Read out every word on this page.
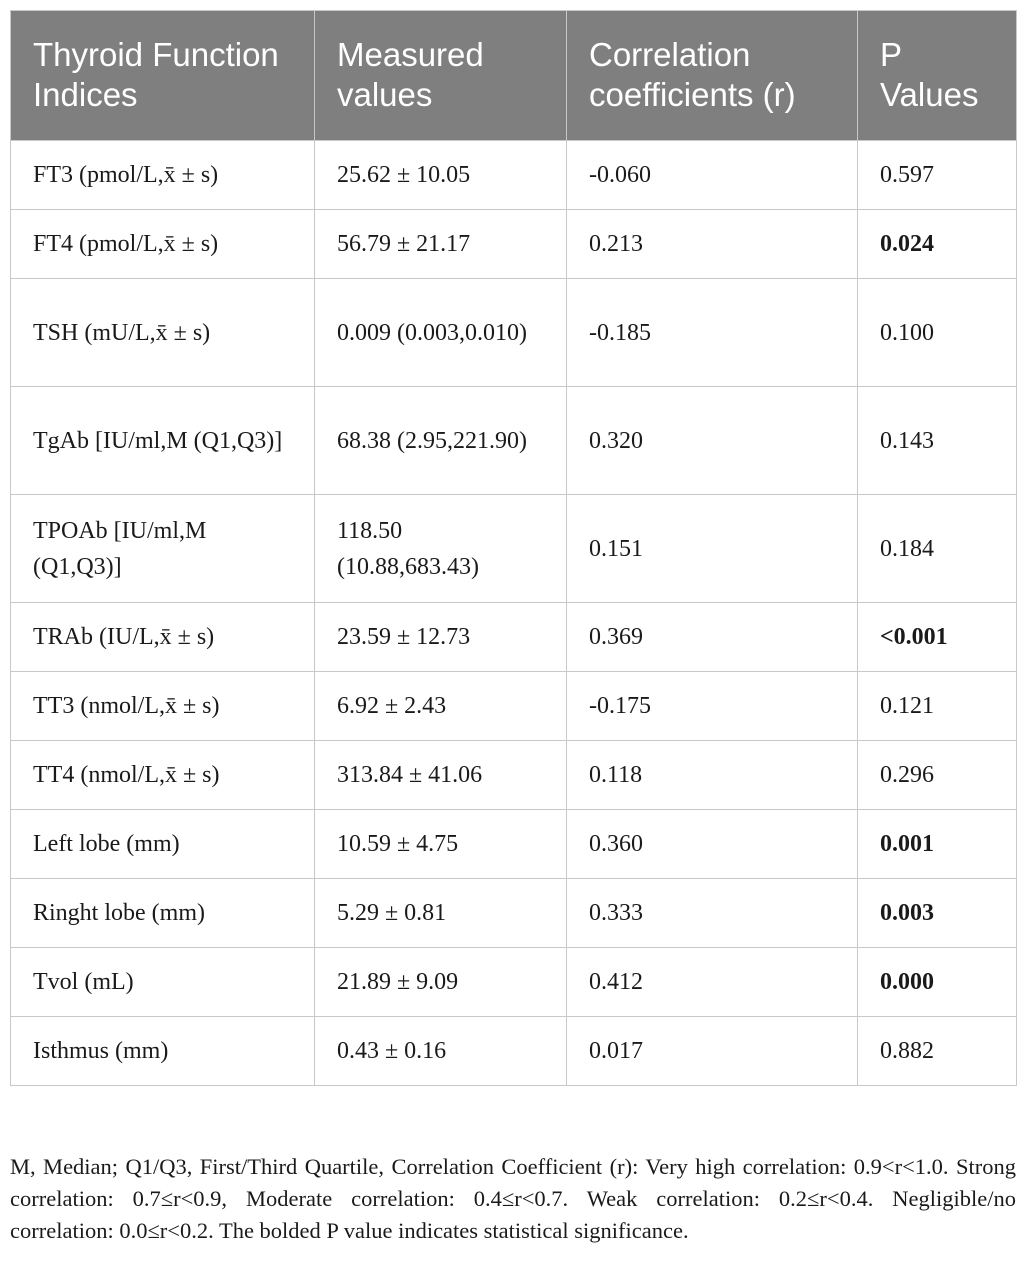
Thyroid Function Indices	Measured values	Correlation coefficients (r)	P Values
FT3 (pmol/L,x̄ ± s)	25.62 ± 10.05	-0.060	0.597
FT4 (pmol/L,x̄ ± s)	56.79 ± 21.17	0.213	0.024
TSH (mU/L,x̄ ± s)	0.009 (0.003,0.010)	-0.185	0.100
TgAb [IU/ml,M (Q1,Q3)]	68.38 (2.95,221.90)	0.320	0.143
TPOAb [IU/ml,M (Q1,Q3)]	118.50 (10.88,683.43)	0.151	0.184
TRAb (IU/L,x̄ ± s)	23.59 ± 12.73	0.369	<0.001
TT3 (nmol/L,x̄ ± s)	6.92 ± 2.43	-0.175	0.121
TT4 (nmol/L,x̄ ± s)	313.84 ± 41.06	0.118	0.296
Left lobe (mm)	10.59 ± 4.75	0.360	0.001
Ringht lobe (mm)	5.29 ± 0.81	0.333	0.003
Tvol (mL)	21.89 ± 9.09	0.412	0.000
Isthmus (mm)	0.43 ± 0.16	0.017	0.882

M, Median; Q1/Q3, First/Third Quartile, Correlation Coefficient (r): Very high correlation: 0.9<r<1.0. Strong correlation: 0.7≤r<0.9, Moderate correlation: 0.4≤r<0.7. Weak correlation: 0.2≤r<0.4. Negligible/no correlation: 0.0≤r<0.2. The bolded P value indicates statistical significance.
